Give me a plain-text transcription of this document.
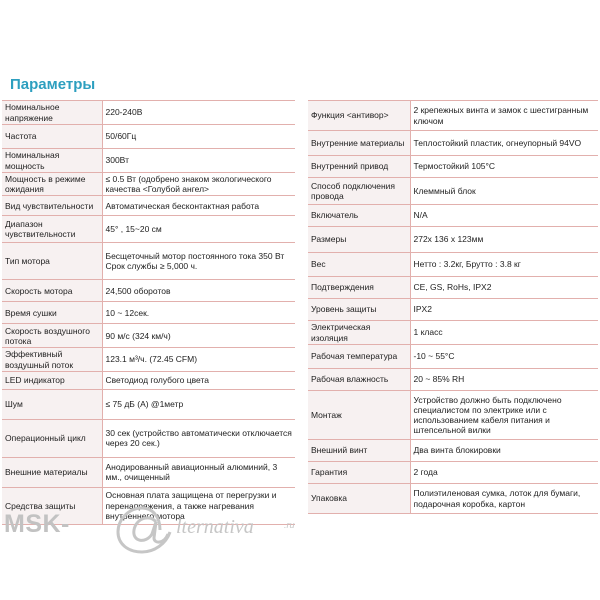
Параметры
Номинальное напряжение	220-240В
Частота	50/60Гц
Номинальная мощность	300Вт
Мощность в режиме ожидания	≤ 0.5 Вт (одобрено знаком экологического качества <Голубой ангел>
Вид чувствительности	Автоматическая бесконтактная работа
Диапазон чувствительности	45° , 15~20 см
Тип мотора	Бесщеточный мотор постоянного тока 350 Вт Срок службы ≥ 5,000 ч.
Скорость мотора	24,500 оборотов
Время сушки	10 ~ 12сек.
Скорость воздушного потока	90 м/с (324 км/ч)
Эффективный воздушный поток	123.1 м³/ч. (72.45 CFM)
LED индикатор	Светодиод голубого цвета
Шум	≤ 75 дБ (A) @1метр
Операционный цикл	30 сек (устройство автоматически отключается через 20 сек.)
Внешние материалы	Анодированный авиационный алюминий, 3 мм., очищенный
Средства защиты	Основная плата защищена от перегрузки и перенапряжения, а также нагревания внутреннего мотора
Функция <антивор>	2 крепежных винта и замок с шестигранным ключом
Внутренние материалы	Теплостойкий пластик, огнеупорный 94VO
Внутренний привод	Термостойкий 105°C
Способ подключения провода	Клеммный блок
Включатель	N/A
Размеры	272x 136 x 123мм
Вес	Нетто : 3.2кг, Брутто : 3.8 кг
Подтверждения	CE, GS, RoHs, IPX2
Уровень защиты	IPX2
Электрическая изоляция	1 класс
Рабочая температура	-10 ~ 55°C
Рабочая влажность	20 ~ 85% RH
Монтаж	Устройство должно быть подключено специалистом по электрике или с использованием кабеля питания и штепсельной вилки
Внешний винт	Два винта блокировки
Гарантия	2 года
Упаковка	Полиэтиленовая сумка, лоток для бумаги, подарочная коробка, картон
MSK-	lternativa	.ru
